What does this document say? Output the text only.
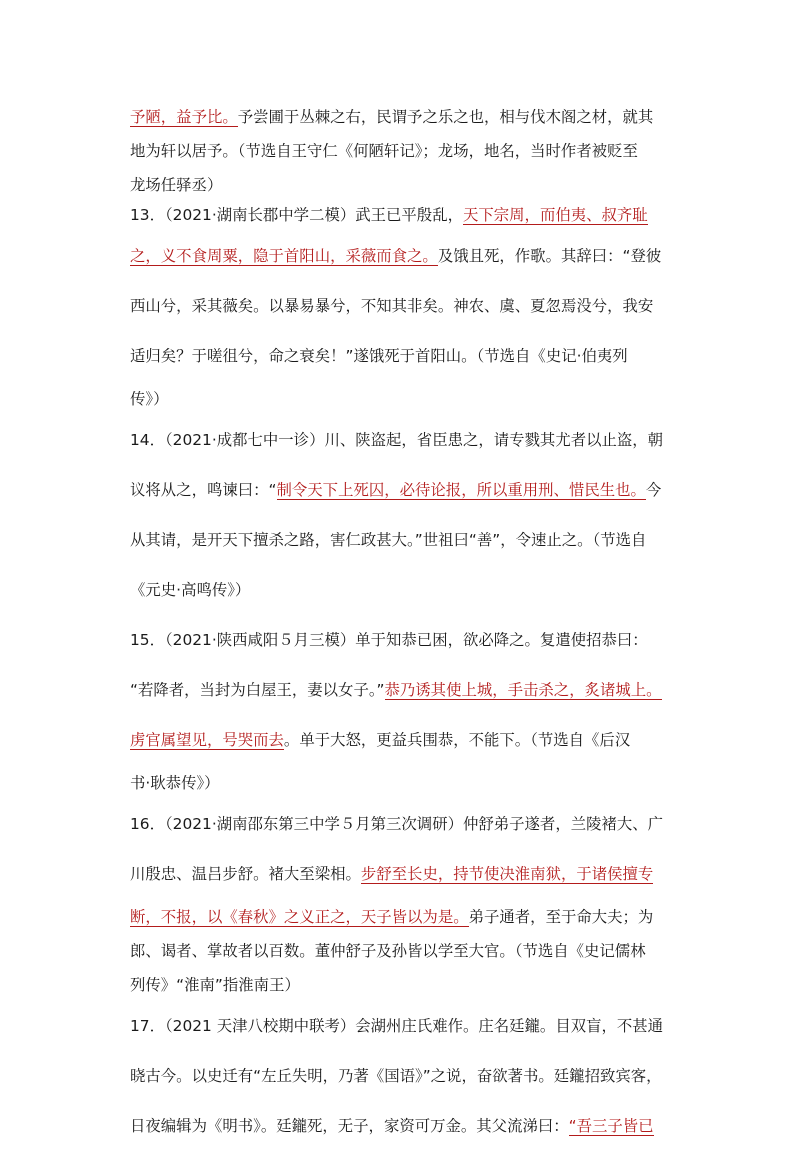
予陋，益予比。予尝圃于丛棘之右，民谓予之乐之也，相与伐木阁之材，就其
地为轩以居予。（节选自王守仁《何陋轩记》；龙场，地名，当时作者被贬至
龙场任驿丞）
13．（2021·湖南长郡中学二模）武王已平殷乱，天下宗周，而伯夷、叔齐耻
之，义不食周粟，隐于首阳山，采薇而食之。及饿且死，作歌。其辞曰：“登彼
西山兮，采其薇矣。以暴易暴兮，不知其非矣。神农、虞、夏忽焉没兮，我安
适归矣？于嗟徂兮，命之衰矣！”遂饿死于首阳山。（节选自《史记·伯夷列
传》）
14．（2021·成都七中一诊）川、陕盗起，省臣患之，请专戮其尤者以止盗，朝
议将从之，鸣谏曰：“制令天下上死囚，必待论报，所以重用刑、惜民生也。今
从其请，是开天下擅杀之路，害仁政甚大。”世祖曰“善”，令速止之。（节选自
《元史·高鸣传》）
15．（2021·陕西咸阳５月三模）单于知恭已困，欲必降之。复遣使招恭曰：
“若降者，当封为白屋王，妻以女子。”恭乃诱其使上城，手击杀之，炙诸城上。
虏官属望见，号哭而去。单于大怒，更益兵围恭，不能下。（节选自《后汉
书·耿恭传》）
16．（2021·湖南邵东第三中学５月第三次调研）仲舒弟子遂者，兰陵褚大、广
川殷忠、温吕步舒。褚大至梁相。步舒至长史，持节使决淮南狱，于诸侯擅专
断，不报，以《春秋》之义正之，天子皆以为是。弟子通者，至于命大夫；为
郎、谒者、掌故者以百数。董仲舒子及孙皆以学至大官。（节选自《史记儒林
列传》“淮南”指淮南王）
17．（2021 天津八校期中联考）会湖州庄氏难作。庄名廷鑨。目双盲，不甚通
晓古今。以史迁有“左丘失明，乃著《国语》”之说，奋欲著书。廷鑨招致宾客，
日夜编辑为《明书》。廷鑨死，无子，家资可万金。其父流涕曰：“吾三子皆已
